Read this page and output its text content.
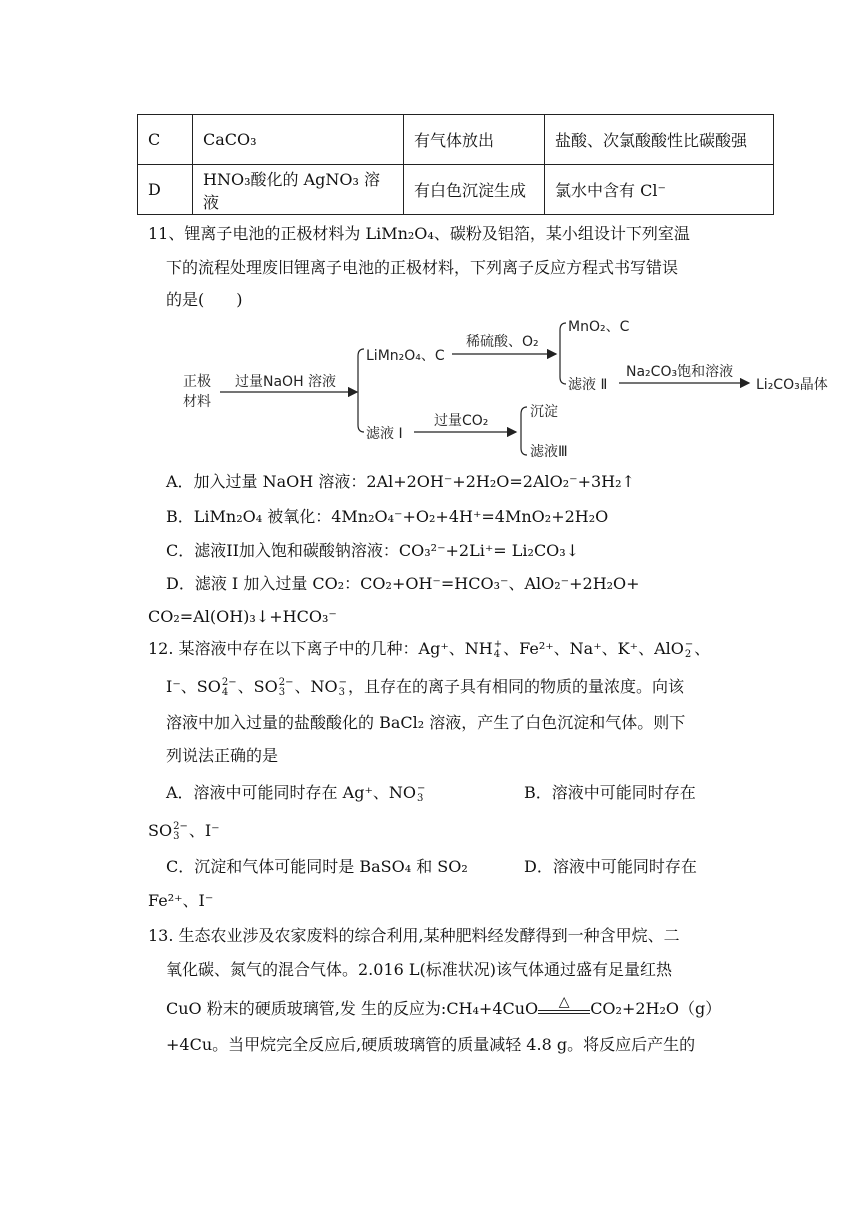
C	CaCO₃	有气体放出	盐酸、次氯酸酸性比碳酸强
D	HNO₃酸化的 AgNO₃ 溶液	有白色沉淀生成	氯水中含有 Cl⁻
11、锂离子电池的正极材料为 LiMn₂O₄、碳粉及铝箔，某小组设计下列室温
下的流程处理废旧锂离子电池的正极材料，下列离子反应方程式书写错误
的是(　　)
正极
材料
过量NaOH 溶液
LiMn₂O₄、C
稀硫酸、O₂
MnO₂、C
滤液 Ⅱ
Na₂CO₃饱和溶液
Li₂CO₃晶体
滤液 Ⅰ
过量CO₂
沉淀
滤液Ⅲ
A．加入过量 NaOH 溶液：2Al+2OH⁻+2H₂O=2AlO₂⁻+3H₂↑
B．LiMn₂O₄ 被氧化：4Mn₂O₄⁻+O₂+4H⁺=4MnO₂+2H₂O
C．滤液II加入饱和碳酸钠溶液：CO₃²⁻+2Li⁺= Li₂CO₃↓
D．滤液 I 加入过量 CO₂：CO₂+OH⁻=HCO₃⁻、AlO₂⁻+2H₂O+
CO₂=Al(OH)₃↓+HCO₃⁻
12. 某溶液中存在以下离子中的几种：Ag⁺、NH +
4 、Fe²⁺、Na⁺、K⁺、AlO −
2 、
I⁻、SO 2−
4 、SO 2−
3 、NO −
3 ，且存在的离子具有相同的物质的量浓度。向该
溶液中加入过量的盐酸酸化的 BaCl₂ 溶液，产生了白色沉淀和气体。则下
列说法正确的是
A．溶液中可能同时存在 Ag⁺、NO −
3	B．溶液中可能同时存在
SO 2−
3 、I⁻
C．沉淀和气体可能同时是 BaSO₄ 和 SO₂	D．溶液中可能同时存在
Fe²⁺、I⁻
13. 生态农业涉及农家废料的综合利用,某种肥料经发酵得到一种含甲烷、二
氧化碳、氮气的混合气体。2.016 L(标准状况)该气体通过盛有足量红热
CuO 粉末的硬质玻璃管,发 生的反应为:CH₄+4CuO	△	CO₂+2H₂O（g）
+4Cu。当甲烷完全反应后,硬质玻璃管的质量减轻 4.8 g。将反应后产生的
